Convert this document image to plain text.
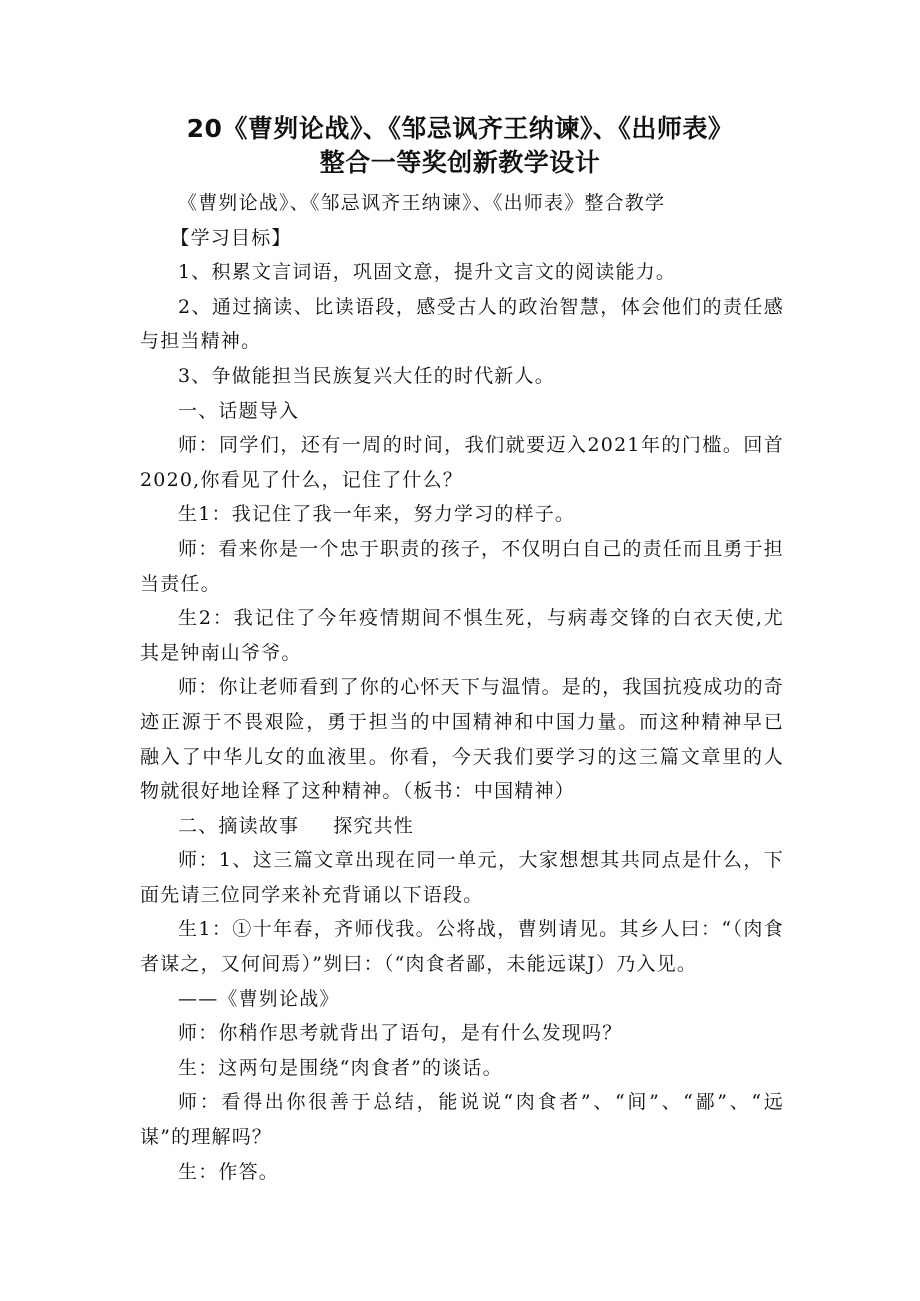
20《曹刿论战》、《邹忌讽齐王纳谏》、《出师表》
整合一等奖创新教学设计

《曹刿论战》、《邹忌讽齐王纳谏》、《出师表》整合教学

【学习目标】

1、积累文言词语，巩固文意，提升文言文的阅读能力。

2、通过摘读、比读语段，感受古人的政治智慧，体会他们的责任感与担当精神。

3、争做能担当民族复兴大任的时代新人。

一、话题导入

师：同学们，还有一周的时间，我们就要迈入2021年的门槛。回首2020,你看见了什么，记住了什么？

生1：我记住了我一年来，努力学习的样子。

师：看来你是一个忠于职责的孩子，不仅明白自己的责任而且勇于担当责任。

生2：我记住了今年疫情期间不惧生死，与病毒交锋的白衣天使,尤其是钟南山爷爷。

师：你让老师看到了你的心怀天下与温情。是的，我国抗疫成功的奇迹正源于不畏艰险，勇于担当的中国精神和中国力量。而这种精神早已融入了中华儿女的血液里。你看，今天我们要学习的这三篇文章里的人物就很好地诠释了这种精神。（板书：中国精神）

二、摘读故事 探究共性

师：1、这三篇文章出现在同一单元，大家想想其共同点是什么，下面先请三位同学来补充背诵以下语段。

生1：①十年春，齐师伐我。公将战，曹刿请见。其乡人曰：“（肉食者谋之，又何间焉）”刿曰：（“肉食者鄙，未能远谋J）乃入见。

——《曹刿论战》

师：你稍作思考就背出了语句，是有什么发现吗？

生：这两句是围绕“肉食者”的谈话。

师：看得出你很善于总结，能说说“肉食者”、“间”、“鄙”、“远谋”的理解吗？

生：作答。
